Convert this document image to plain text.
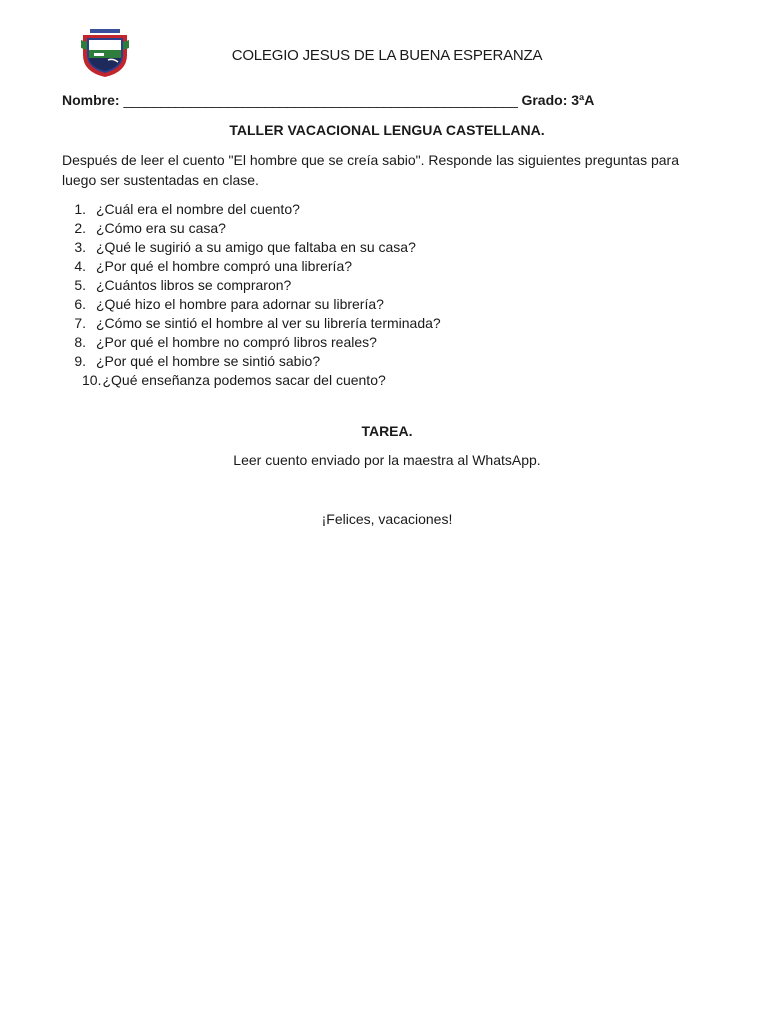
COLEGIO JESUS DE LA BUENA ESPERANZA
Nombre: _____________________________________________________ Grado: 3ªA
TALLER VACACIONAL LENGUA CASTELLANA.
Después de leer el cuento "El hombre que se creía sabio". Responde las siguientes preguntas para luego ser sustentadas en clase.
1. ¿Cuál era el nombre del cuento?
2. ¿Cómo era su casa?
3. ¿Qué le sugirió a su amigo que faltaba en su casa?
4. ¿Por qué el hombre compró una librería?
5. ¿Cuántos libros se compraron?
6. ¿Qué hizo el hombre para adornar su librería?
7. ¿Cómo se sintió el hombre al ver su librería terminada?
8. ¿Por qué el hombre no compró libros reales?
9. ¿Por qué el hombre se sintió sabio?
10. ¿Qué enseñanza podemos sacar del cuento?
TAREA.
Leer cuento enviado por la maestra al WhatsApp.
¡Felices, vacaciones!
